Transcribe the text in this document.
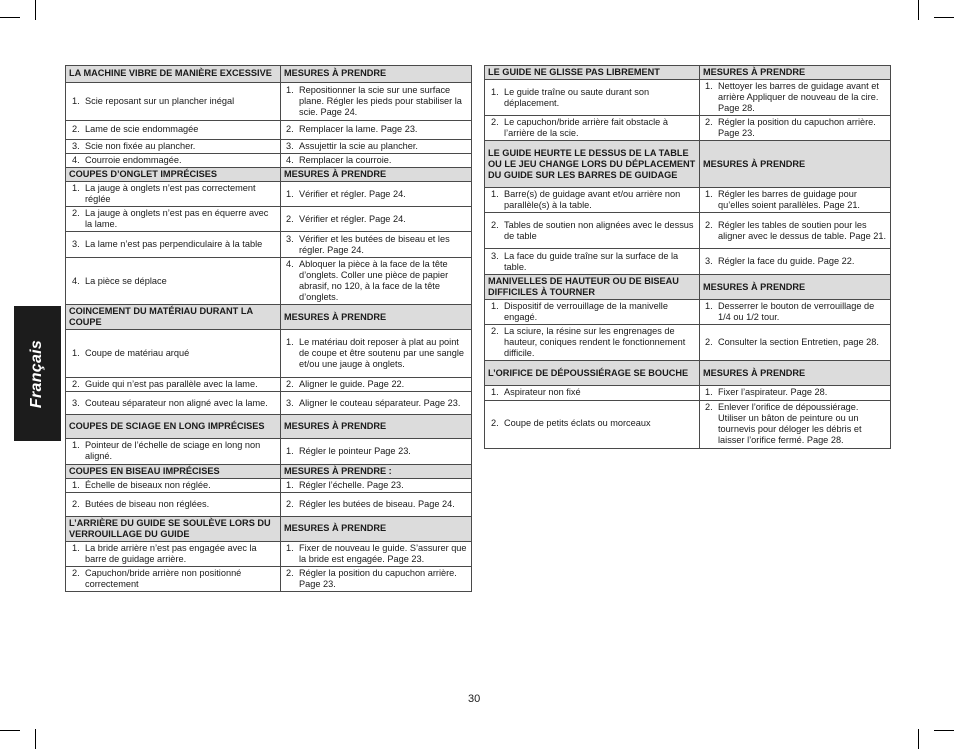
Français
LA MACHINE VIBRE DE MANIÈRE EXCESSIVE	MESURES À PRENDRE

1. Scie reposant sur un plancher inégal	1. Repositionner la scie sur une surface plane. Régler les pieds pour stabiliser la scie. Page 24.

2. Lame de scie endommagée	2. Remplacer la lame. Page 23.

3. Scie non fixée au plancher.	3. Assujettir la scie au plancher.

4. Courroie endommagée.	4. Remplacer la courroie.

COUPES D’ONGLET IMPRÉCISES	MESURES À PRENDRE

1. La jauge à onglets n’est pas correctement réglée	1. Vérifier et régler. Page 24.

2. La jauge à onglets n’est pas en équerre avec la lame.	2. Vérifier et régler. Page 24.

3. La lame n’est pas perpendiculaire à la table	3. Vérifier et les butées de biseau et les régler. Page 24.

4. La pièce se déplace	4. Abloquer la pièce à la face de la tête d’onglets. Coller une pièce de papier abrasif, no 120, à la face de la tête d’onglets.

COINCEMENT DU MATÉRIAU DURANT LA COUPE	MESURES À PRENDRE

1. Coupe de matériau arqué	1. Le matériau doit reposer à plat au point de coupe et être soutenu par une sangle et/ou une jauge à onglets.

2. Guide qui n’est pas parallèle avec la lame.	2. Aligner le guide. Page 22.

3. Couteau séparateur non aligné avec la lame.	3. Aligner le couteau séparateur. Page 23.

COUPES DE SCIAGE EN LONG IMPRÉCISES	MESURES À PRENDRE

1. Pointeur de l’échelle de sciage en long non aligné.	1. Régler le pointeur Page 23.

COUPES EN BISEAU IMPRÉCISES	MESURES À PRENDRE :

1. Échelle de biseaux non réglée.	1. Régler l’échelle. Page 23.

2. Butées de biseau non réglées.	2. Régler les butées de biseau. Page 24.

L’ARRIÈRE DU GUIDE SE SOULÈVE LORS DU VERROUILLAGE DU GUIDE	MESURES À PRENDRE

1. La bride arrière n’est pas engagée avec la barre de guidage arrière.	1. Fixer de nouveau le guide. S’assurer que la bride est engagée. Page 23.

2. Capuchon/bride arrière non positionné correctement	2. Régler la position du capuchon arrière. Page 23.
LE GUIDE NE GLISSE PAS LIBREMENT	MESURES À PRENDRE

1. Le guide traîne ou saute durant son déplacement.	1. Nettoyer les barres de guidage avant et arrière Appliquer de nouveau de la cire. Page 28.

2. Le capuchon/bride arrière fait obstacle à l’arrière de la scie.	2. Régler la position du capuchon arrière. Page 23.

LE GUIDE HEURTE LE DESSUS DE LA TABLE OU LE JEU CHANGE LORS DU DÉPLACEMENT DU GUIDE SUR LES BARRES DE GUIDAGE	MESURES À PRENDRE

1. Barre(s) de guidage avant et/ou arrière non parallèle(s) à la table.	1. Régler les barres de guidage pour qu’elles soient parallèles. Page 21.

2. Tables de soutien non alignées avec le dessus de table	2. Régler les tables de soutien pour les aligner avec le dessus de table. Page 21.

3. La face du guide traîne sur la surface de la table.	3. Régler la face du guide. Page 22.

MANIVELLES DE HAUTEUR OU DE BISEAU DIFFICILES À TOURNER	MESURES À PRENDRE

1. Dispositif de verrouillage de la manivelle engagé.	1. Desserrer le bouton de verrouillage de 1/4 ou 1/2 tour.

2. La sciure, la résine sur les engrenages de hauteur, coniques rendent le fonctionnement difficile.	2. Consulter la section Entretien, page 28.

L’ORIFICE DE DÉPOUSSIÉRAGE SE BOUCHE	MESURES À PRENDRE

1. Aspirateur non fixé	1. Fixer l’aspirateur. Page 28.

2. Coupe de petits éclats ou morceaux	2. Enlever l’orifice de dépoussiérage. Utiliser un bâton de peinture ou un tournevis pour déloger les débris et laisser l’orifice fermé. Page 28.
30
